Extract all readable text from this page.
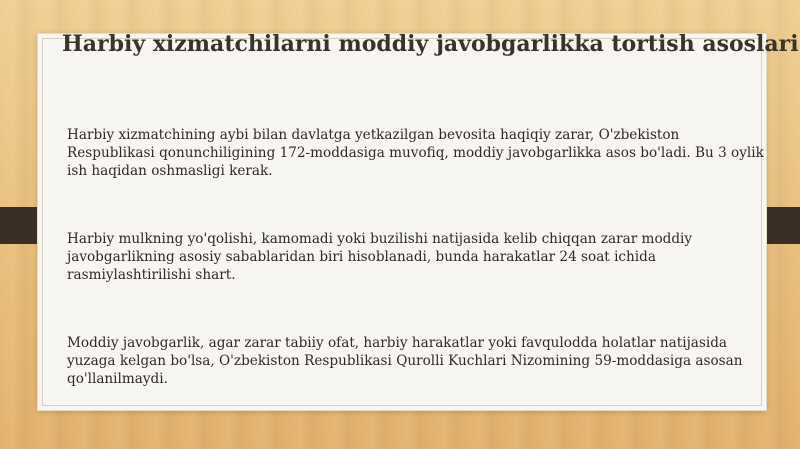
Harbiy xizmatchilarni moddiy javobgarlikka tortish asoslari

Harbiy xizmatchining aybi bilan davlatga yetkazilgan bevosita haqiqiy zarar, O'zbekiston Respublikasi qonunchiligining 172-moddasiga muvofiq, moddiy javobgarlikka asos bo'ladi. Bu 3 oylik ish haqidan oshmasligi kerak.

Harbiy mulkning yo'qolishi, kamomadi yoki buzilishi natijasida kelib chiqqan zarar moddiy javobgarlikning asosiy sabablaridan biri hisoblanadi, bunda harakatlar 24 soat ichida rasmiylashtirilishi shart.

Moddiy javobgarlik, agar zarar tabiiy ofat, harbiy harakatlar yoki favqulodda holatlar natijasida yuzaga kelgan bo'lsa, O'zbekiston Respublikasi Qurolli Kuchlari Nizomining 59-moddasiga asosan qo'llanilmaydi.
